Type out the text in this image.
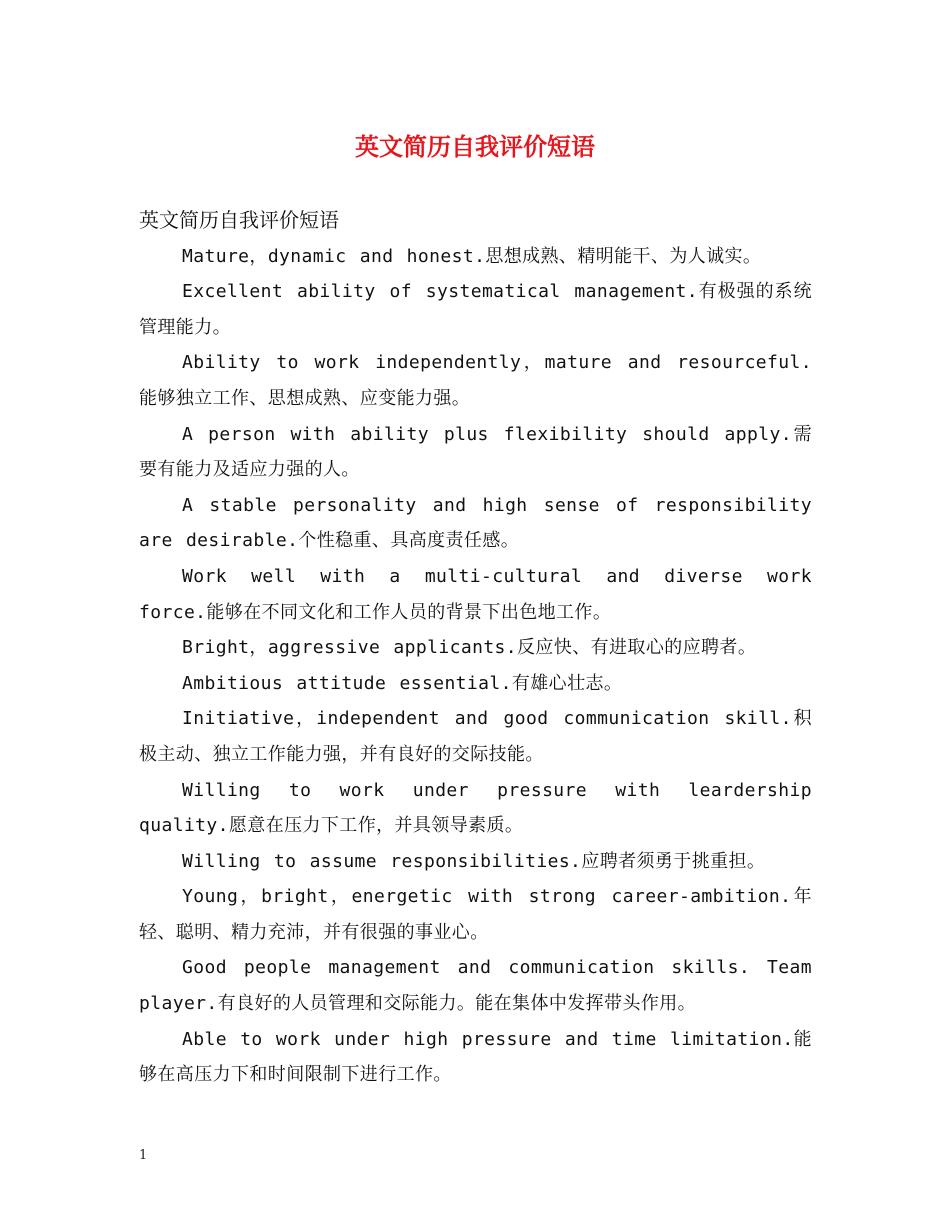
英文简历自我评价短语

英文简历自我评价短语

Mature，dynamic and honest.思想成熟、精明能干、为人诚实。

Excellent ability of systematical management.有极强的系统管理能力。

Ability to work independently，mature and resourceful.能够独立工作、思想成熟、应变能力强。

A person with ability plus flexibility should apply.需要有能力及适应力强的人。

A stable personality and high sense of responsibility are desirable.个性稳重、具高度责任感。

Work well with a multi-cultural and diverse work force.能够在不同文化和工作人员的背景下出色地工作。

Bright，aggressive applicants.反应快、有进取心的应聘者。

Ambitious attitude essential.有雄心壮志。

Initiative，independent and good communication skill.积极主动、独立工作能力强，并有良好的交际技能。

Willing to work under pressure with leardership quality.愿意在压力下工作，并具领导素质。

Willing to assume responsibilities.应聘者须勇于挑重担。

Young，bright，energetic with strong career-ambition.年轻、聪明、精力充沛，并有很强的事业心。

Good people management and communication skills. Team player.有良好的人员管理和交际能力。能在集体中发挥带头作用。

Able to work under high pressure and time limitation.能够在高压力下和时间限制下进行工作。

1
